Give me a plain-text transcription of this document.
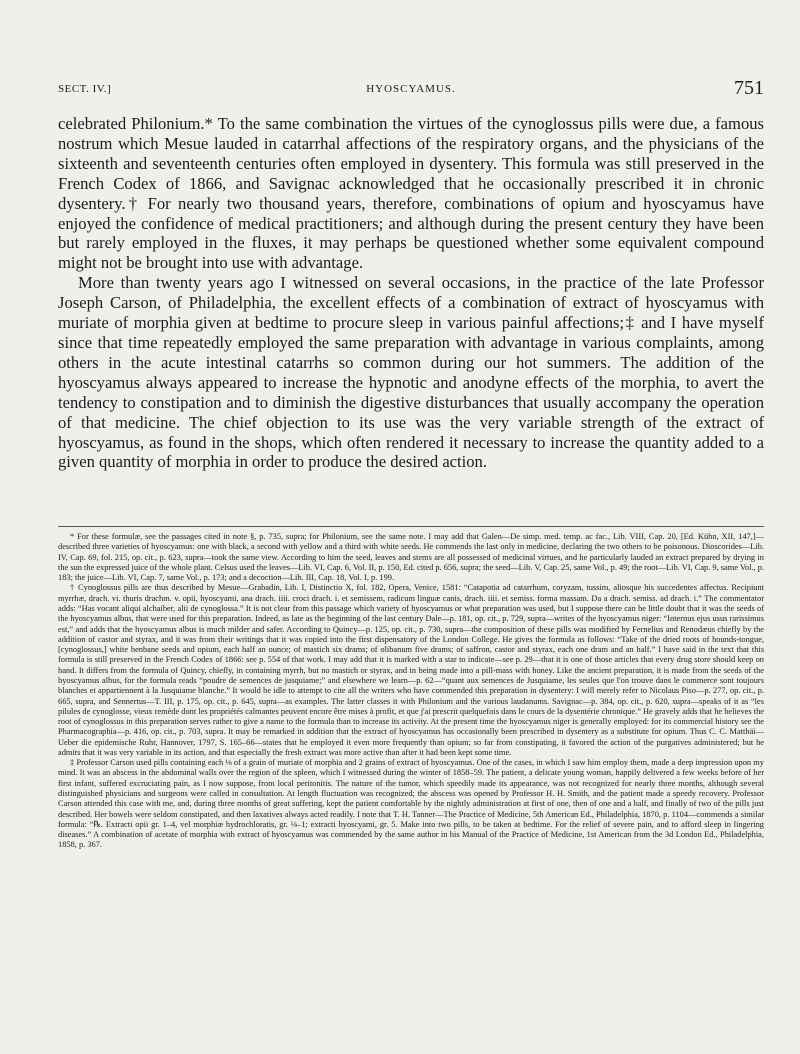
SECT. IV.]	HYOSCYAMUS.	751

celebrated Philonium.* To the same combination the virtues of the cynoglossus pills were due, a famous nostrum which Mesue lauded in catarrhal affections of the respiratory organs, and the physicians of the sixteenth and seventeenth centuries often employed in dysentery. This formula was still preserved in the French Codex of 1866, and Savignac acknowledged that he occasionally prescribed it in chronic dysentery.† For nearly two thousand years, therefore, combinations of opium and hyoscyamus have enjoyed the confidence of medical practitioners; and although during the present century they have been but rarely employed in the fluxes, it may perhaps be questioned whether some equivalent compound might not be brought into use with advantage.

More than twenty years ago I witnessed on several occasions, in the practice of the late Professor Joseph Carson, of Philadelphia, the excellent effects of a combination of extract of hyoscyamus with muriate of morphia given at bedtime to procure sleep in various painful affections;‡ and I have myself since that time repeatedly employed the same preparation with advantage in various complaints, among others in the acute intestinal catarrhs so common during our hot summers. The addition of the hyoscyamus always appeared to increase the hypnotic and anodyne effects of the morphia, to avert the tendency to constipation and to diminish the digestive disturbances that usually accompany the operation of that medicine. The chief objection to its use was the very variable strength of the extract of hyoscyamus, as found in the shops, which often rendered it necessary to increase the quantity added to a given quantity of morphia in order to produce the desired action.

* For these formulæ, see the passages cited in note §, p. 735, supra; for Philonium, see the same note. I may add that Galen—De simp. med. temp. ac fac., Lib. VIII, Cap. 20, [Ed. Kühn, XII, 147,]—described three varieties of hyoscyamus: one with black, a second with yellow and a third with white seeds. He commends the last only in medicine, declaring the two others to be poisonous. Dioscorides—Lib. IV, Cap. 69, fol. 215, op. cit., p. 623, supra—took the same view. According to him the seed, leaves and stems are all possessed of medicinal virtues, and he particularly lauded an extract prepared by drying in the sun the expressed juice of the whole plant. Celsus used the leaves—Lib. VI, Cap. 6, Vol. II, p. 150, Ed. cited p. 656, supra; the seed—Lib. V, Cap. 25, same Vol., p. 49; the root—Lib. VI, Cap. 9, same Vol., p. 183; the juice—Lib. VI, Cap. 7, same Vol., p. 173; and a decoction—Lib. III, Cap. 18, Vol. I, p. 199.

† Cynoglossus pills are thus described by Mesue—Grabadin, Lib. I, Distinctio X, fol. 182, Opera, Venice, 1581: “Catapotia ad catarrhum, coryzam, tussim, aliosque his succedentes affectus. Recipiunt myrrhæ, drach. vi. thuris drachm. v. opii, hyoscyami, ana drach. iiii. croci drach. i. et semissem, radicum linguæ canis, drach. iiii. et semiss. forma massam. Da a drach. semiss. ad drach. i.” The commentator adds: “Has vocant aliqui alchaiber, alii de cynoglossa.” It is not clear from this passage which variety of hyoscyamus or what preparation was used, but I suppose there can be little doubt that it was the seeds of the hyoscyamus albus, that were used for this preparation. Indeed, as late as the beginning of the last century Dale—p. 181, op. cit., p. 729, supra—writes of the hyoscyamus niger: “Internus ejus usus rarissimus est,” and adds that the hyoscyamus albus is much milder and safer. According to Quincy—p. 125, op. cit., p. 730, supra—the composition of these pills was modified by Fernelius and Renodæus chiefly by the addition of castor and styrax, and it was from their writings that it was copied into the first dispensatory of the London College. He gives the formula as follows: “Take of the dried roots of hounds-tongue, [cynoglossus,] white henbane seeds and opium, each half an ounce; of mastich six drams; of olibanum five drams; of saffron, castor and styrax, each one dram and an half.” I have said in the text that this formula is still preserved in the French Codex of 1866: see p. 554 of that work. I may add that it is marked with a star to indicate—see p. 29—that it is one of those articles that every drug store should keep on hand. It differs from the formula of Quincy, chiefly, in containing myrrh, but no mastich or styrax, and in being made into a pill-mass with honey. Like the ancient preparation, it is made from the seeds of the hyoscyamus albus, for the formula reads “poudre de semences de jusquiame;” and elsewhere we learn—p. 62—“quant aux semences de Jusquiame, les seules que l'on trouve dans le commerce sont toujours blanches et appartiennent à la Jusquiame blanche.” It would be idle to attempt to cite all the writers who have commended this preparation in dysentery: I will merely refer to Nicolaus Piso—p. 277, op. cit., p. 665, supra, and Sennertus—T. III, p. 175, op. cit., p. 645, supra—as examples. The latter classes it with Philonium and the various laudanums. Savignac—p. 384, op. cit., p. 620, supra—speaks of it as “les pilules de cynoglosse, vieux remède dont les propriétés calmantes peuvent encore être mises à profit, et que j'ai prescrit quelquefois dans le cours de la dysentérie chronique.” He gravely adds that he believes the root of cynoglossus in this preparation serves rather to give a name to the formula than to increase its activity. At the present time the hyoscyamus niger is generally employed: for its commercial history see the Pharmacographia—p. 416, op. cit., p. 703, supra. It may be remarked in addition that the extract of hyoscyamus has occasionally been prescribed in dysentery as a substitute for opium. Thus C. C. Matthäi—Ueber die epidemische Ruhr, Hannover, 1797, S. 165–66—states that he employed it even more frequently than opium; so far from constipating, it favored the action of the purgatives administered; but he admits that it was very variable in its action, and that especially the fresh extract was more active than after it had been kept some time.

‡ Professor Carson used pills containing each ⅛ of a grain of muriate of morphia and 2 grains of extract of hyoscyamus. One of the cases, in which I saw him employ them, made a deep impression upon my mind. It was an abscess in the abdominal walls over the region of the spleen, which I witnessed during the winter of 1858–59. The patient, a delicate young woman, happily delivered a few weeks before of her first infant, suffered excruciating pain, as I now suppose, from local peritonitis. The nature of the tumor, which speedily made its appearance, was not recognized for nearly three months, although several distinguished physicians and surgeons were called in consultation. At length fluctuation was recognized; the abscess was opened by Professor H. H. Smith, and the patient made a speedy recovery. Professor Carson attended this case with me, and, during three months of great suffering, kept the patient comfortable by the nightly administration at first of one, then of one and a half, and finally of two of the pills just described. Her bowels were seldom constipated, and then laxatives always acted readily. I note that T. H. Tanner—The Practice of Medicine, 5th American Ed., Philadelphia, 1870, p. 1104—commends a similar formula: “℞. Extracti opii gr. 1–4, vel morphiæ hydrochloratis, gr. ⅛–1; extracti hyoscyami, gr. 5. Make into two pills, to be taken at bedtime. For the relief of severe pain, and to afford sleep in lingering diseases.” A combination of acetate of morphia with extract of hyoscyamus was commended by the same author in his Manual of the Practice of Medicine, 1st American from the 3d London Ed., Philadelphia, 1858, p. 367.
